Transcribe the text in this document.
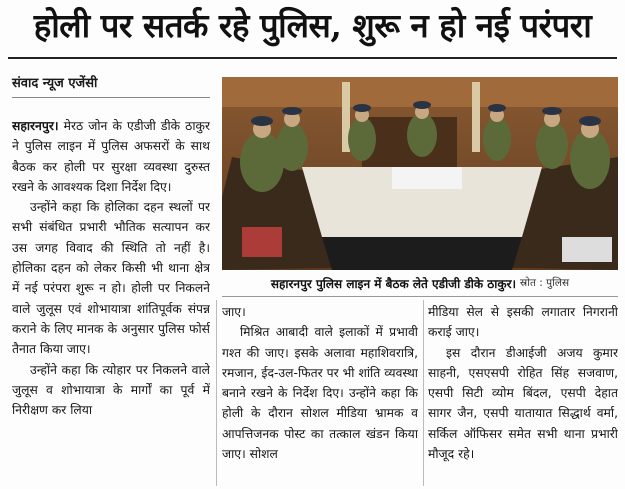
होली पर सतर्क रहे पुलिस, शुरू न हो नई परंपरा
संवाद न्यूज एजेंसी

सहारनपुर। मेरठ जोन के एडीजी डीके ठाकुर ने पुलिस लाइन में पुलिस अफसरों के साथ बैठक कर होली पर सुरक्षा व्यवस्था दुरुस्त रखने के आवश्यक दिशा निर्देश दिए।

उन्होंने कहा कि होलिका दहन स्थलों पर सभी संबंधित प्रभारी भौतिक सत्यापन कर उस जगह विवाद की स्थिति तो नहीं है। होलिका दहन को लेकर किसी भी थाना क्षेत्र में नई परंपरा शुरू न हो। होली पर निकलने वाले जुलूस एवं शोभायात्रा शांतिपूर्वक संपन्न कराने के लिए मानक के अनुसार पुलिस फोर्स तैनात किया जाए।

उन्होंने कहा कि त्योहार पर निकलने वाले जुलूस व शोभायात्रा के मार्गों का पूर्व में निरीक्षण कर लिया

सहारनपुर पुलिस लाइन में बैठक लेते एडीजी डीके ठाकुर। स्रोत : पुलिस

जाए।

मिश्रित आबादी वाले इलाकों में प्रभावी गश्त की जाए। इसके अलावा महाशिवरात्रि, रमजान, ईद-उल-फितर पर भी शांति व्यवस्था बनाने रखने के निर्देश दिए। उन्होंने कहा कि होली के दौरान सोशल मीडिया भ्रामक व आपत्तिजनक पोस्ट का तत्काल खंडन किया जाए। सोशल

मीडिया सेल से इसकी लगातार निगरानी कराई जाए।

इस दौरान डीआईजी अजय कुमार साहनी, एसएसपी रोहित सिंह सजवाण, एसपी सिटी व्योम बिंदल, एसपी देहात सागर जैन, एसपी यातायात सिद्धार्थ वर्मा, सर्किल ऑफिसर समेत सभी थाना प्रभारी मौजूद रहे।
